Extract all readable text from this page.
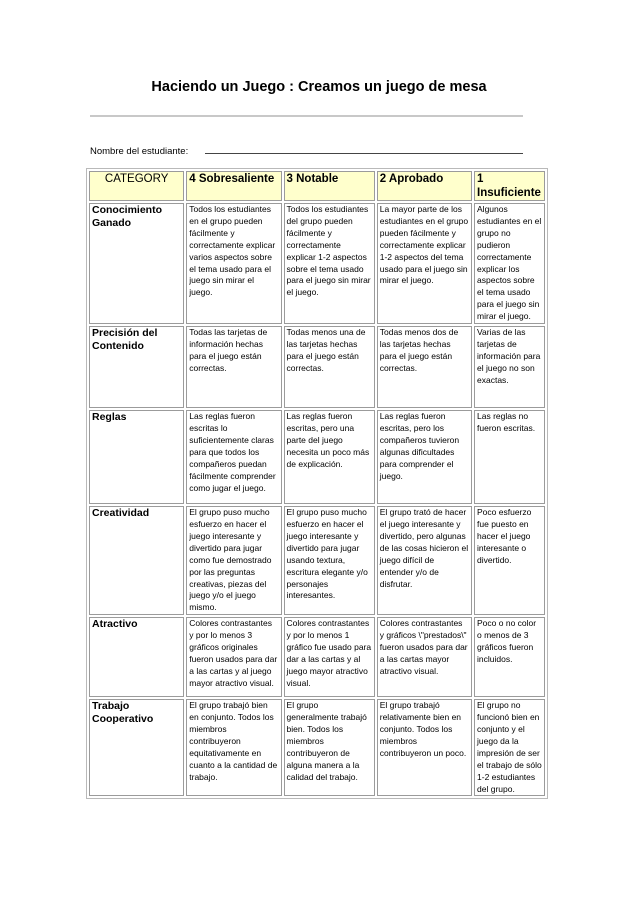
Haciendo un Juego : Creamos un juego de mesa
Nombre del estudiante:
CATEGORY	4 Sobresaliente	3 Notable	2 Aprobado	1 Insuficiente
Conocimiento Ganado	Todos los estudiantes en el grupo pueden fácilmente y correctamente explicar varios aspectos sobre el tema usado para el juego sin mirar el juego.	Todos los estudiantes del grupo pueden fácilmente y correctamente explicar 1-2 aspectos sobre el tema usado para el juego sin mirar el juego.	La mayor parte de los estudiantes en el grupo pueden fácilmente y correctamente explicar 1-2 aspectos del tema usado para el juego sin mirar el juego.	Algunos estudiantes en el grupo no pudieron correctamente explicar los aspectos sobre el tema usado para el juego sin mirar el juego.
Precisión del Contenido	Todas las tarjetas de información hechas para el juego están correctas.	Todas menos una de las tarjetas hechas para el juego están correctas.	Todas menos dos de las tarjetas hechas para el juego están correctas.	Varias de las tarjetas de información para el juego no son exactas.
Reglas	Las reglas fueron escritas lo suficientemente claras para que todos los compañeros puedan fácilmente comprender como jugar el juego.	Las reglas fueron escritas, pero una parte del juego necesita un poco más de explicación.	Las reglas fueron escritas, pero los compañeros tuvieron algunas dificultades para comprender el juego.	Las reglas no fueron escritas.
Creatividad	El grupo puso mucho esfuerzo en hacer el juego interesante y divertido para jugar como fue demostrado por las preguntas creativas, piezas del juego y/o el juego mismo.	El grupo puso mucho esfuerzo en hacer el juego interesante y divertido para jugar usando textura, escritura elegante y/o personajes interesantes.	El grupo trató de hacer el juego interesante y divertido, pero algunas de las cosas hicieron el juego difícil de entender y/o de disfrutar.	Poco esfuerzo fue puesto en hacer el juego interesante o divertido.
Atractivo	Colores contrastantes y por lo menos 3 gráficos originales fueron usados para dar a las cartas y al juego mayor atractivo visual.	Colores contrastantes y por lo menos 1 gráfico fue usado para dar a las cartas y al juego mayor atractivo visual.	Colores contrastantes y gráficos \"prestados\" fueron usados para dar a las cartas mayor atractivo visual.	Poco o no color o menos de 3 gráficos fueron incluidos.
Trabajo Cooperativo	El grupo trabajó bien en conjunto. Todos los miembros contribuyeron equitativamente en cuanto a la cantidad de trabajo.	El grupo generalmente trabajó bien. Todos los miembros contribuyeron de alguna manera a la calidad del trabajo.	El grupo trabajó relativamente bien en conjunto. Todos los miembros contribuyeron un poco.	El grupo no funcionó bien en conjunto y el juego da la impresión de ser el trabajo de sólo 1-2 estudiantes del grupo.
